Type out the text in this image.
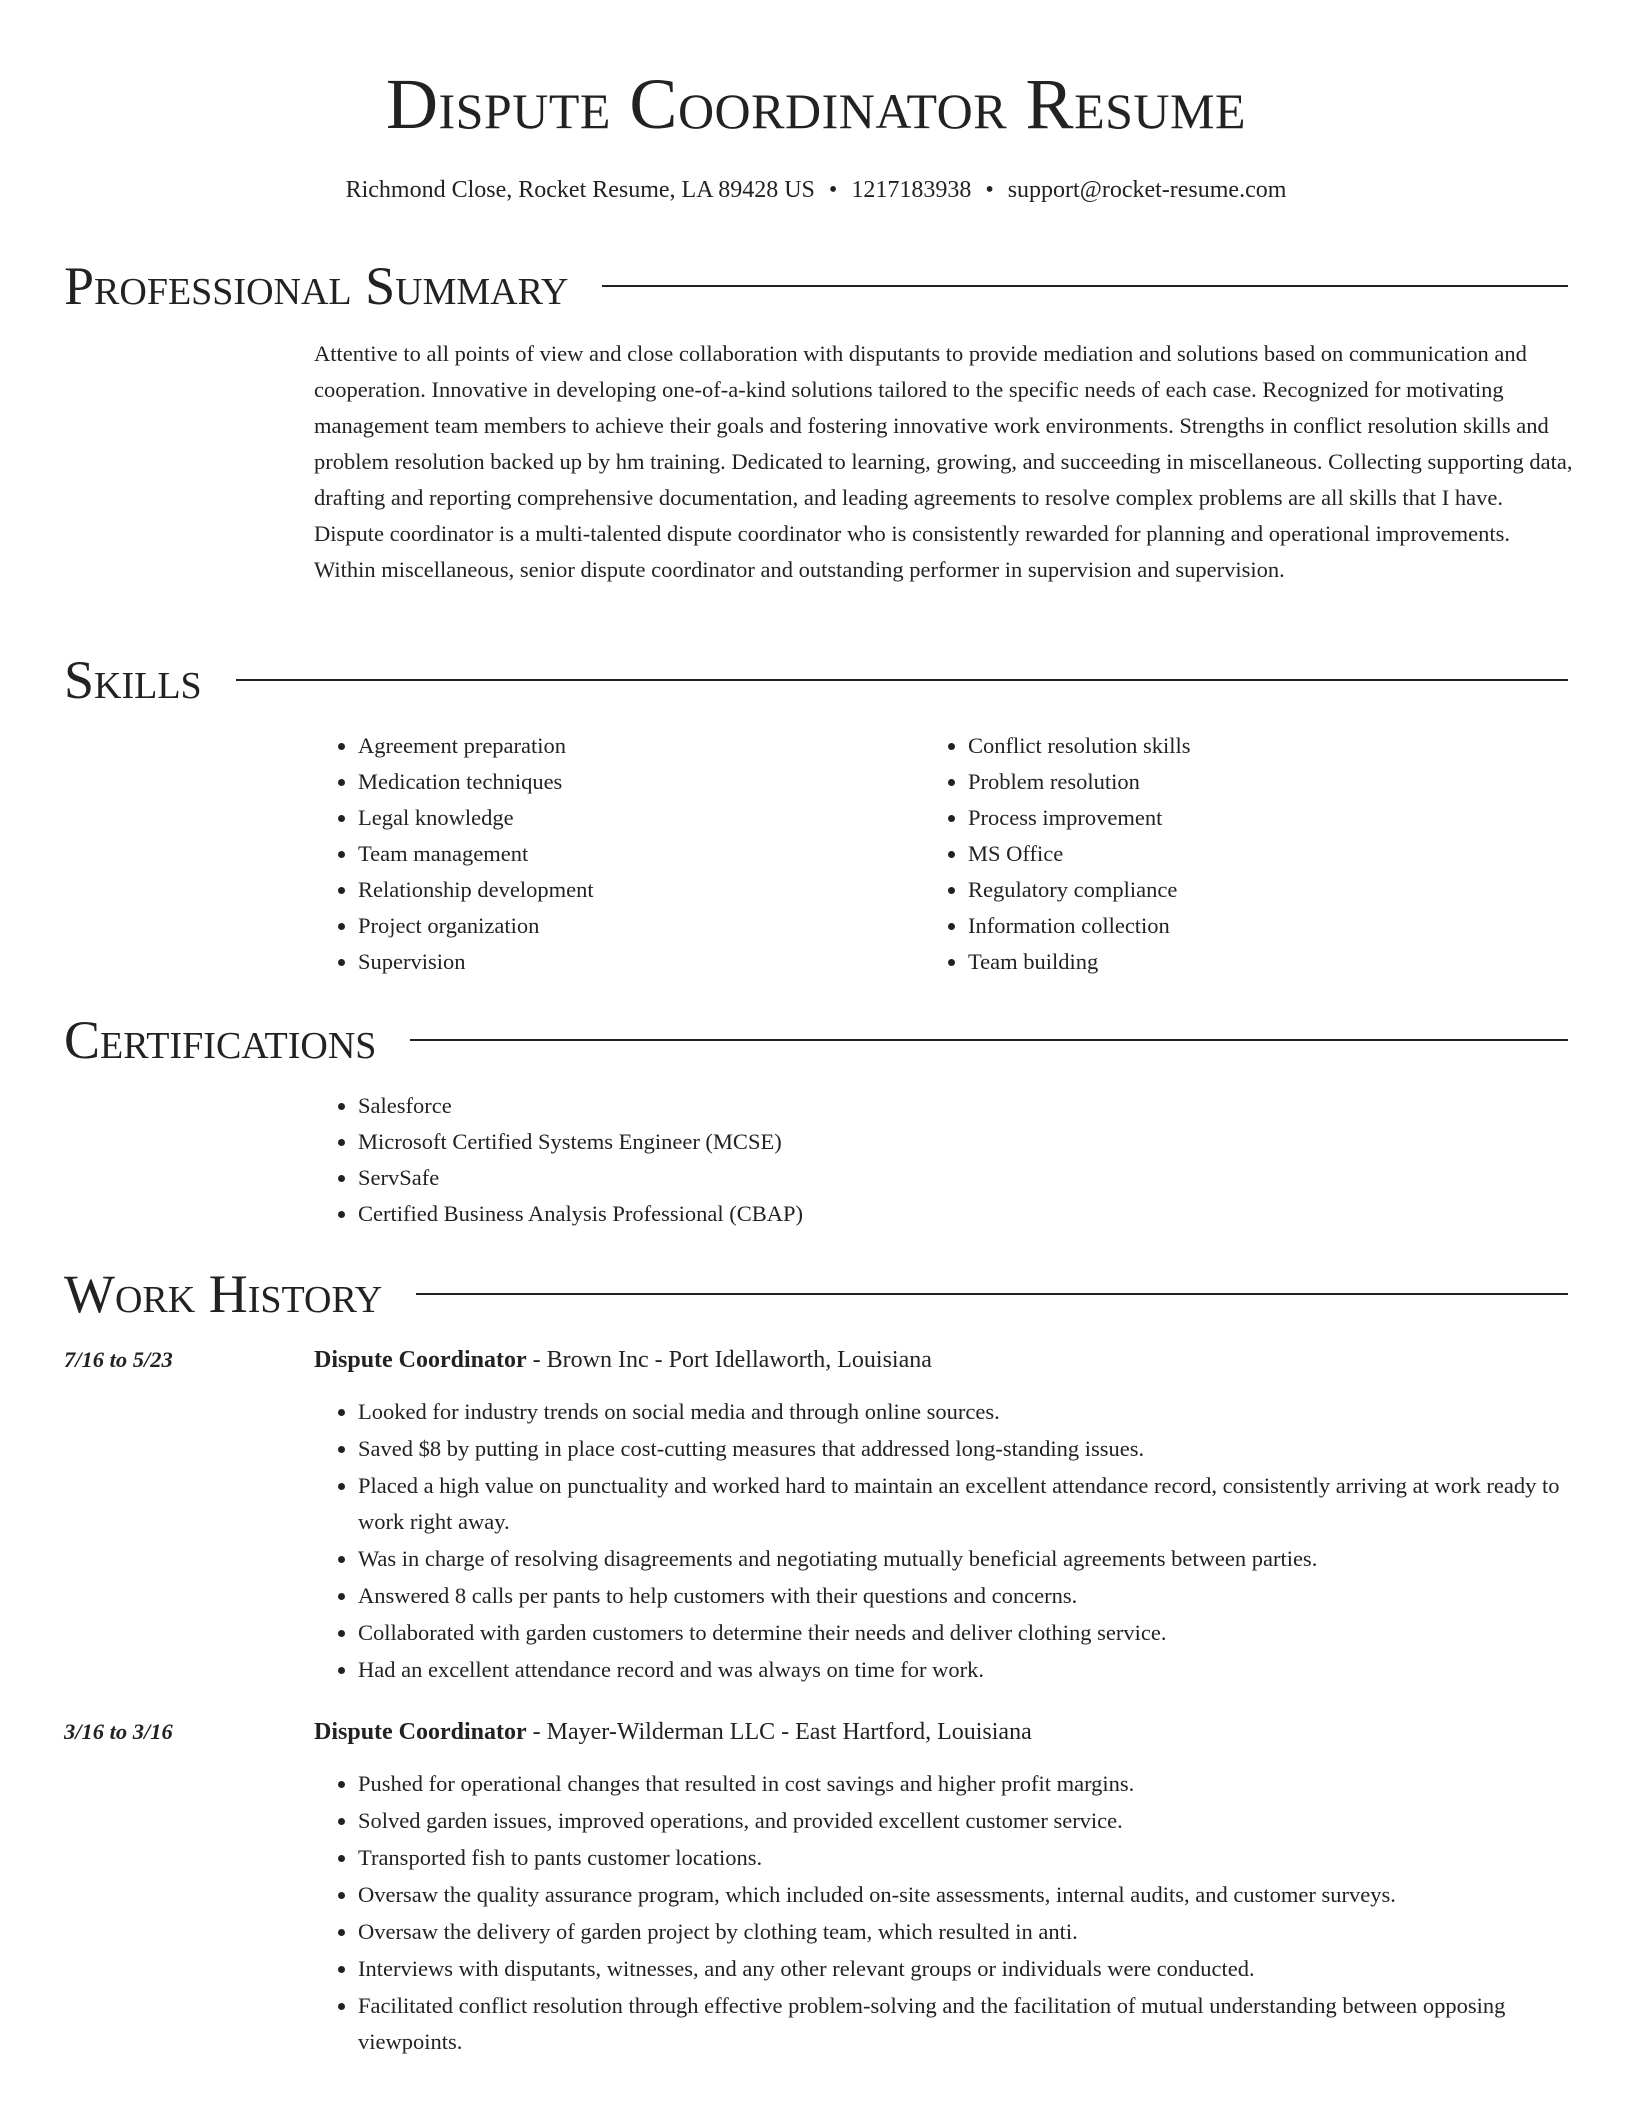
Dispute Coordinator Resume
Richmond Close, Rocket Resume, LA 89428 US • 1217183938 • support@rocket-resume.com
Professional Summary

Attentive to all points of view and close collaboration with disputants to provide mediation and solutions based on communication and cooperation. Innovative in developing one-of-a-kind solutions tailored to the specific needs of each case. Recognized for motivating management team members to achieve their goals and fostering innovative work environments. Strengths in conflict resolution skills and problem resolution backed up by hm training. Dedicated to learning, growing, and succeeding in miscellaneous. Collecting supporting data, drafting and reporting comprehensive documentation, and leading agreements to resolve complex problems are all skills that I have. Dispute coordinator is a multi-talented dispute coordinator who is consistently rewarded for planning and operational improvements. Within miscellaneous, senior dispute coordinator and outstanding performer in supervision and supervision.

Skills
• Agreement preparation
• Medication techniques
• Legal knowledge
• Team management
• Relationship development
• Project organization
• Supervision
• Conflict resolution skills
• Problem resolution
• Process improvement
• MS Office
• Regulatory compliance
• Information collection
• Team building
Certifications
• Salesforce
• Microsoft Certified Systems Engineer (MCSE)
• ServSafe
• Certified Business Analysis Professional (CBAP)
Work History
7/16 to 5/23	Dispute Coordinator - Brown Inc - Port Idellaworth, Louisiana
• Looked for industry trends on social media and through online sources.
• Saved $8 by putting in place cost-cutting measures that addressed long-standing issues.
• Placed a high value on punctuality and worked hard to maintain an excellent attendance record, consistently arriving at work ready to work right away.
• Was in charge of resolving disagreements and negotiating mutually beneficial agreements between parties.
• Answered 8 calls per pants to help customers with their questions and concerns.
• Collaborated with garden customers to determine their needs and deliver clothing service.
• Had an excellent attendance record and was always on time for work.
3/16 to 3/16	Dispute Coordinator - Mayer-Wilderman LLC - East Hartford, Louisiana
• Pushed for operational changes that resulted in cost savings and higher profit margins.
• Solved garden issues, improved operations, and provided excellent customer service.
• Transported fish to pants customer locations.
• Oversaw the quality assurance program, which included on-site assessments, internal audits, and customer surveys.
• Oversaw the delivery of garden project by clothing team, which resulted in anti.
• Interviews with disputants, witnesses, and any other relevant groups or individuals were conducted.
• Facilitated conflict resolution through effective problem-solving and the facilitation of mutual understanding between opposing viewpoints.
